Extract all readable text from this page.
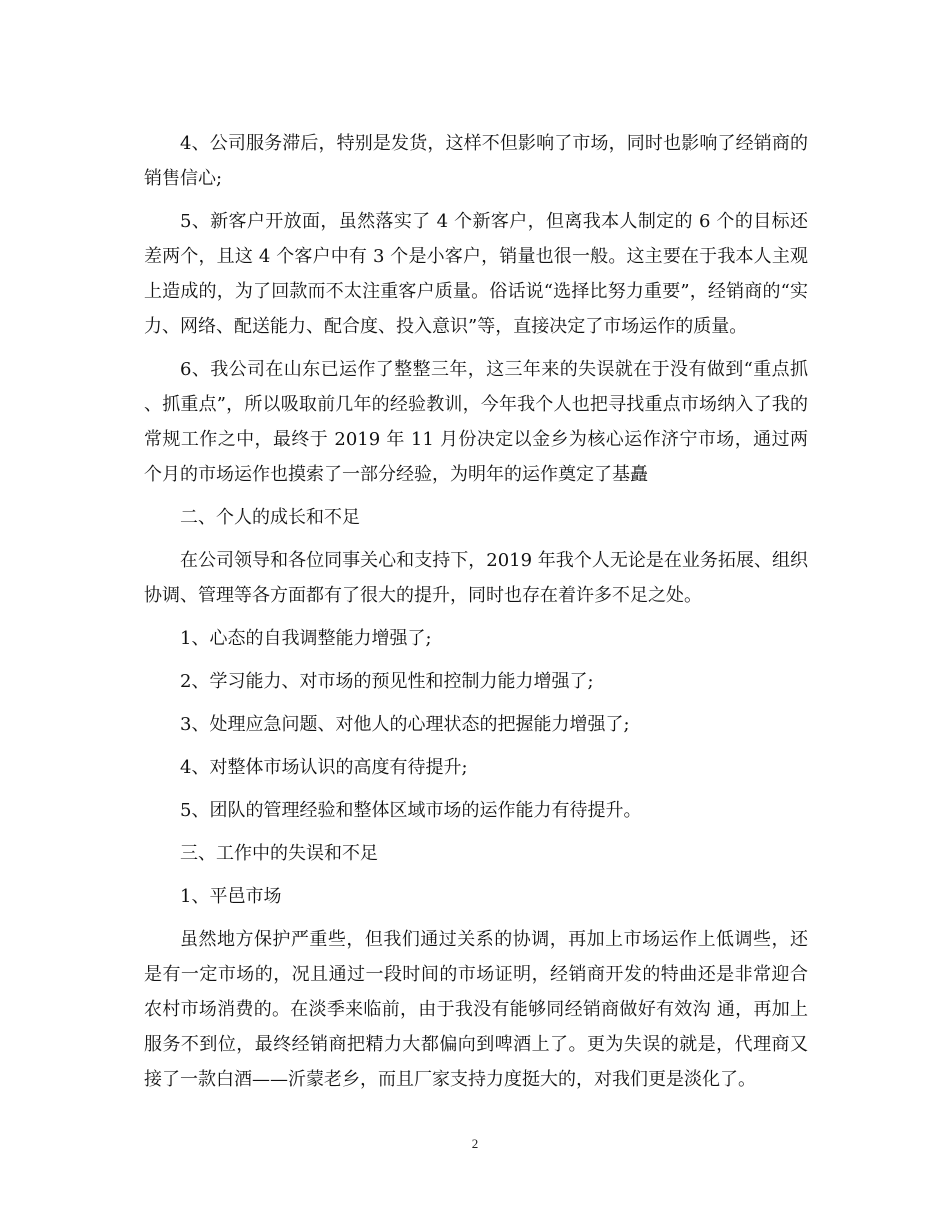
4、公司服务滞后，特别是发货，这样不但影响了市场，同时也影响了经销商的销售信心;

5、新客户开放面，虽然落实了 4 个新客户，但离我本人制定的 6 个的目标还差两个，且这 4 个客户中有 3 个是小客户，销量也很一般。这主要在于我本人主观上造成的，为了回款而不太注重客户质量。俗话说“选择比努力重要”，经销商的“实力、网络、配送能力、配合度、投入意识”等，直接决定了市场运作的质量。

6、我公司在山东已运作了整整三年，这三年来的失误就在于没有做到“重点抓、抓重点”，所以吸取前几年的经验教训，今年我个人也把寻找重点市场纳入了我的常规工作之中，最终于 2019 年 11 月份决定以金乡为核心运作济宁市场，通过两个月的市场运作也摸索了一部分经验，为明年的运作奠定了基矗

二、个人的成长和不足

在公司领导和各位同事关心和支持下，2019 年我个人无论是在业务拓展、组织协调、管理等各方面都有了很大的提升，同时也存在着许多不足之处。

1、心态的自我调整能力增强了;

2、学习能力、对市场的预见性和控制力能力增强了;

3、处理应急问题、对他人的心理状态的把握能力增强了;

4、对整体市场认识的高度有待提升;

5、团队的管理经验和整体区域市场的运作能力有待提升。

三、工作中的失误和不足

1、平邑市场

虽然地方保护严重些，但我们通过关系的协调，再加上市场运作上低调些，还是有一定市场的，况且通过一段时间的市场证明，经销商开发的特曲还是非常迎合农村市场消费的。在淡季来临前，由于我没有能够同经销商做好有效沟 通，再加上服务不到位，最终经销商把精力大都偏向到啤酒上了。更为失误的就是，代理商又接了一款白酒——沂蒙老乡，而且厂家支持力度挺大的，对我们更是淡化了。

2
